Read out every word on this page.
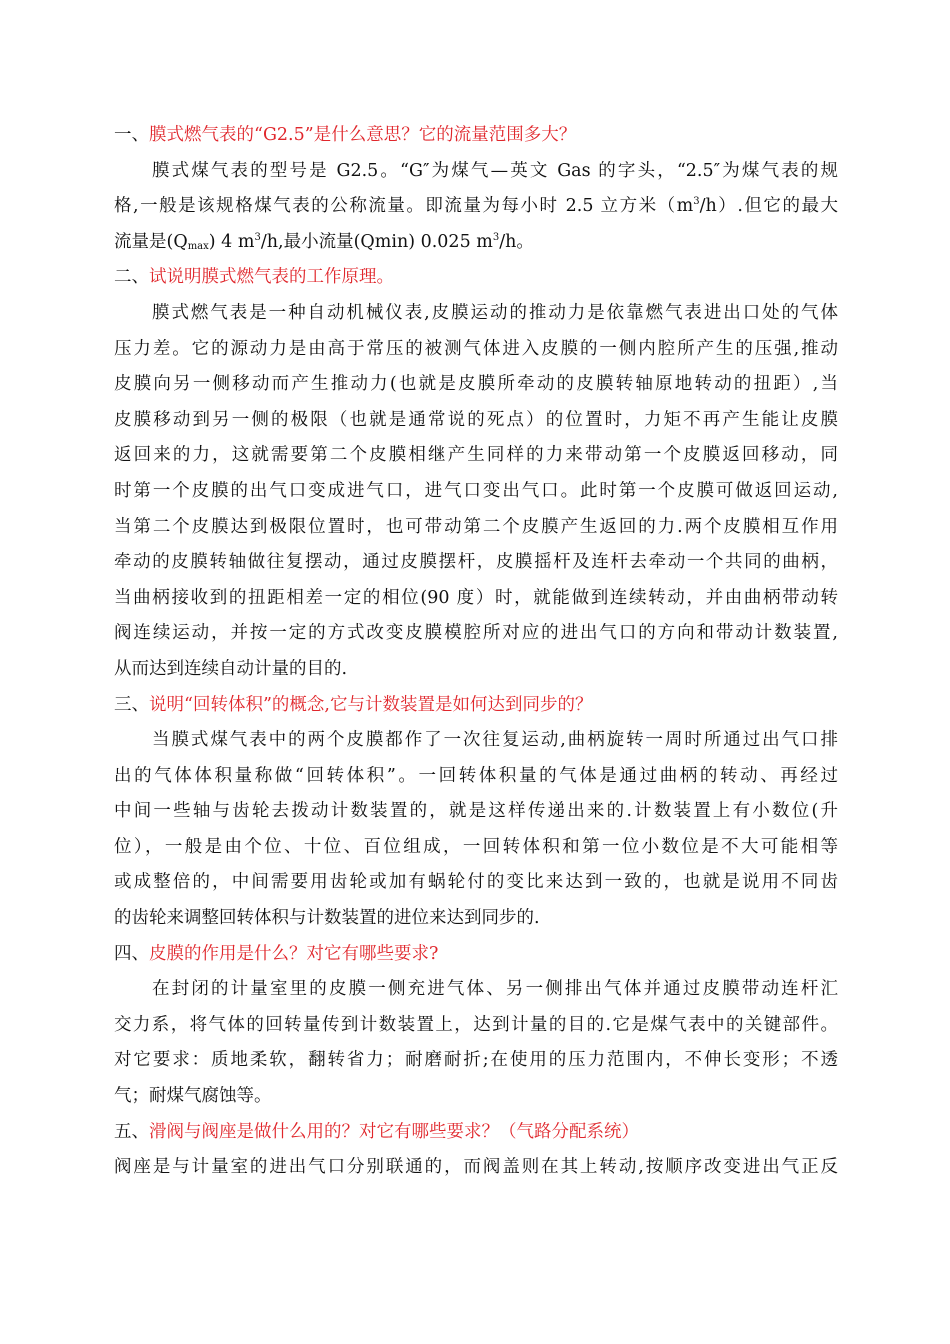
一、膜式燃气表的“G2.5”是什么意思？它的流量范围多大？
膜式煤气表的型号是 G2.5。“G″为煤气—英文 Gas 的字头，“2.5″为煤气表的规
格,一般是该规格煤气表的公称流量。即流量为每小时 2.5 立方米$(m^3/h)$.但它的最大
流量是$(Q_{max})$ 4 $m^3/h$,最小流量(Qmin) 0.025 $m^3/h$。
二、试说明膜式燃气表的工作原理。
膜式燃气表是一种自动机械仪表,皮膜运动的推动力是依靠燃气表进出口处的气体
压力差。它的源动力是由高于常压的被测气体进入皮膜的一侧内腔所产生的压强,推动
皮膜向另一侧移动而产生推动力(也就是皮膜所牵动的皮膜转轴原地转动的扭距）,当
皮膜移动到另一侧的极限（也就是通常说的死点）的位置时，力矩不再产生能让皮膜
返回来的力，这就需要第二个皮膜相继产生同样的力来带动第一个皮膜返回移动，同
时第一个皮膜的出气口变成进气口，进气口变出气口。此时第一个皮膜可做返回运动,
当第二个皮膜达到极限位置时，也可带动第二个皮膜产生返回的力.两个皮膜相互作用
牵动的皮膜转轴做往复摆动，通过皮膜摆杆，皮膜摇杆及连杆去牵动一个共同的曲柄，
当曲柄接收到的扭距相差一定的相位(90 度）时，就能做到连续转动，并由曲柄带动转
阀连续运动，并按一定的方式改变皮膜模腔所对应的进出气口的方向和带动计数装置,
从而达到连续自动计量的目的.
三、说明“回转体积”的概念,它与计数装置是如何达到同步的？
当膜式煤气表中的两个皮膜都作了一次往复运动,曲柄旋转一周时所通过出气口排
出的气体体积量称做“回转体积”。一回转体积量的气体是通过曲柄的转动、再经过
中间一些轴与齿轮去拨动计数装置的，就是这样传递出来的.计数装置上有小数位(升
位），一般是由个位、十位、百位组成，一回转体积和第一位小数位是不大可能相等
或成整倍的，中间需要用齿轮或加有蜗轮付的变比来达到一致的，也就是说用不同齿
的齿轮来调整回转体积与计数装置的进位来达到同步的.
四、皮膜的作用是什么？对它有哪些要求?
在封闭的计量室里的皮膜一侧充进气体、另一侧排出气体并通过皮膜带动连杆汇
交力系，将气体的回转量传到计数装置上，达到计量的目的.它是煤气表中的关键部件。
对它要求：质地柔软，翻转省力；耐磨耐折;在使用的压力范围内，不伸长变形；不透
气；耐煤气腐蚀等。
五、滑阀与阀座是做什么用的？对它有哪些要求？（气路分配系统）
阀座是与计量室的进出气口分别联通的，而阀盖则在其上转动,按顺序改变进出气正反
